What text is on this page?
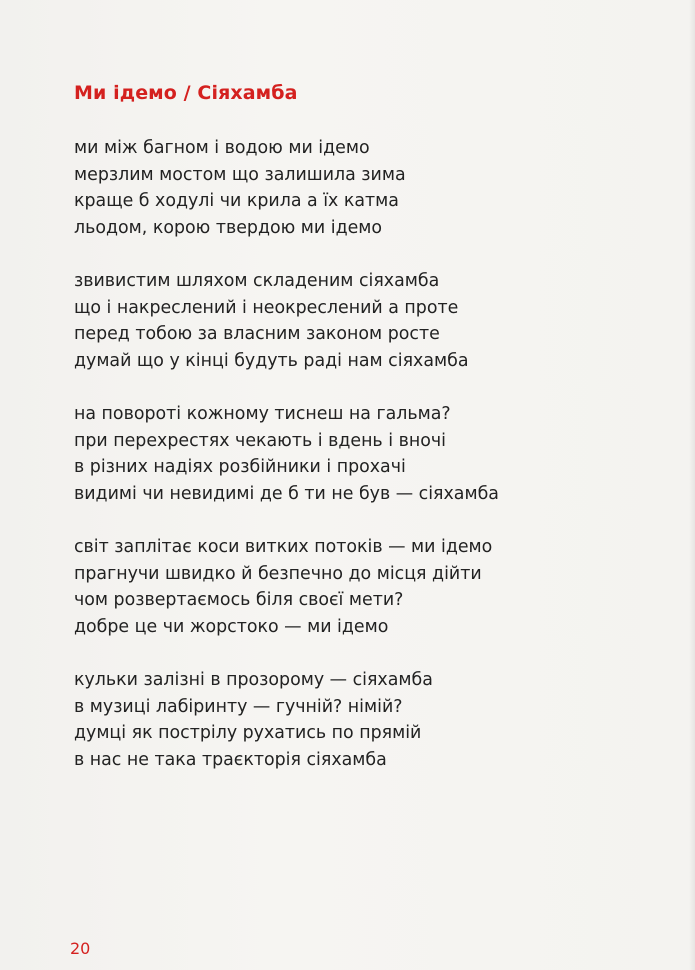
Ми ідемо / Сіяхамба
ми між багном і водою ми ідемо
мерзлим мостом що залишила зима
краще б ходулі чи крила а їх катма
льодом, корою твердою ми ідемо
звивистим шляхом складеним сіяхамба
що і накреслений і неокреслений а проте
перед тобою за власним законом росте
думай що у кінці будуть раді нам сіяхамба
на повороті кожному тиснеш на гальма?
при перехрестях чекають і вдень і вночі
в різних надіях розбійники і прохачі
видимі чи невидимі де б ти не був — сіяхамба
світ заплітає коси витких потоків — ми ідемо
прагнучи швидко й безпечно до місця дійти
чом розвертаємось біля своєї мети?
добре це чи жорстоко — ми ідемо
кульки залізні в прозорому — сіяхамба
в музиці лабіринту — гучній? німій?
думці як пострілу рухатись по прямій
в нас не така траєкторія сіяхамба
20
